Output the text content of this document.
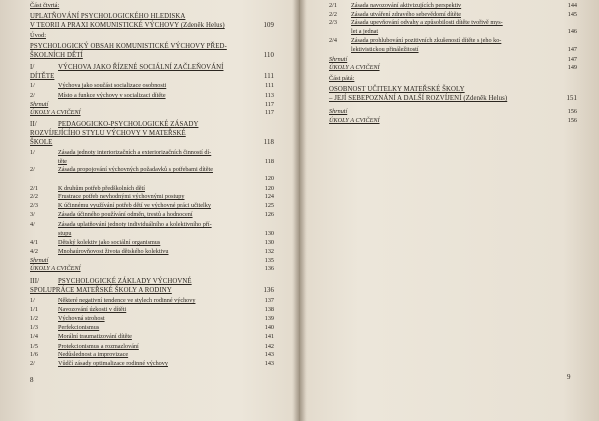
Část čtvrtá:
UPLATŇOVÁNÍ PSYCHOLOGICKÉHO HLEDISKA
V TEORII A PRAXI KOMUNISTICKÉ VÝCHOVY (Zdeněk Helus)	109
Úvod:
PSYCHOLOGICKÝ OBSAH KOMUNISTICKÉ VÝCHOVY PŘED-
ŠKOLNÍCH DĚTÍ	110
I/	VÝCHOVA JAKO ŘÍZENÉ SOCIÁLNÍ ZAČLEŇOVÁNÍ
DÍTĚTE	111
1/	Výchova jako součást socializace osobnosti	111
2/	Místo a funkce výchovy v socializaci dítěte	113
Shrnutí	117
ÚKOLY A CVIČENÍ	117
II/	PEDAGOGICKO-PSYCHOLOGICKÉ ZÁSADY
ROZVÍJEJÍCÍHO STYLU VÝCHOVY V MATEŘSKÉ
ŠKOLE	118
1/	Zásada jednoty interiorizačních a exteriorizačních činností dí-
těte	118
2/	Zásada propojování výchovných požadavků s potřebami dítěte
120
2/1	K druhům potřeb předškolních dětí	120
2/2	Frustrace potřeb nevhodnými výchovnými postupy	124
2/3	K účinnému využívání potřeb dětí ve výchovné práci učitelky	125
3/	Zásada účinného používání odměn, trestů a hodnocení	126
4/	Zásada uplatňování jednoty individuálního a kolektivního pří-
stupu	130
4/1	Dětský kolektiv jako sociální organismus	130
4/2	Mnohaúrovňovost života dětského kolektivu	132
Shrnutí	135
ÚKOLY A CVIČENÍ	136
III/	PSYCHOLOGICKÉ ZÁKLADY VÝCHOVNÉ
SPOLUPRÁCE MATEŘSKÉ ŠKOLY A RODINY	136
1/	Některé negativní tendence ve stylech rodinné výchovy	137
1/1	Navozování úzkosti v dítěti	138
1/2	Výchovná strohost	139
1/3	Perfekcionismus	140
1/4	Morální traumatizování dítěte	141
1/5	Protekcionismus a rozmazlování	142
1/6	Nedůslednost a improvizace	143
2/	Vůdčí zásady optimalizace rodinné výchovy	143
2/1 Zásada navozování aktivizujících perspektiv	144
2/2 Zásada utváření zdravého sebevědomí dítěte	145
2/3 Zásada upevňování odvahy a způsobilosti dítěte tvořivě mys-
let a jednat	146
2/4 Zásada prohlubování pozitivních zkušeností dítěte s jeho ko-
lektivistickou přináležitostí	147
Shrnutí	147
ÚKOLY A CVIČENÍ	149
Část pátá:
OSOBNOST UČITELKY MATEŘSKÉ ŠKOLY
– JEJÍ SEBEPOZNÁNÍ A DALŠÍ ROZVÍJENÍ (Zdeněk Helus)	151
Shrnutí	156
ÚKOLY A CVIČENÍ	156
8	9
